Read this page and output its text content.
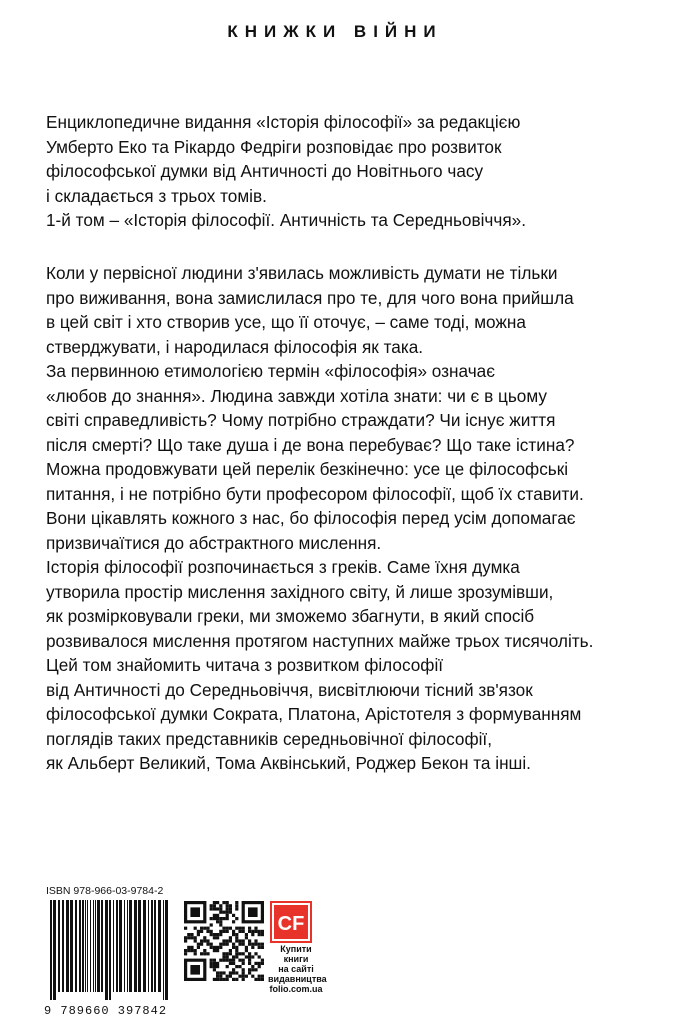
КНИЖКИ ВІЙНИ

Енциклопедичне видання «Історія філософії» за редакцією
Умберто Еко та Рікардо Федріги розповідає про розвиток
філософської думки від Античності до Новітнього часу
і складається з трьох томів.
1-й том – «Історія філософії. Античність та Середньовіччя».

Коли у первісної людини з'явилась можливість думати не тільки
про виживання, вона замислилася про те, для чого вона прийшла
в цей світ і хто створив усе, що її оточує, – саме тоді, можна
стверджувати, і народилася філософія як така.
За первинною етимологією термін «філософія» означає
«любов до знання». Людина завжди хотіла знати: чи є в цьому
світі справедливість? Чому потрібно страждати? Чи існує життя
після смерті? Що таке душа і де вона перебуває? Що таке істина?
Можна продовжувати цей перелік безкінечно: усе це філософські
питання, і не потрібно бути професором філософії, щоб їх ставити.
Вони цікавлять кожного з нас, бо філософія перед усім допомагає
призвичаїтися до абстрактного мислення.
Історія філософії розпочинається з греків. Саме їхня думка
утворила простір мислення західного світу, й лише зрозумівши,
як розмірковували греки, ми зможемо збагнути, в який спосіб
розвивалося мислення протягом наступних майже трьох тисячоліть.
Цей том знайомить читача з розвитком філософії
від Античності до Середньовіччя, висвітлюючи тісний зв'язок
філософської думки Сократа, Платона, Арістотеля з формуванням
поглядів таких представників середньовічної філософії,
як Альберт Великий, Тома Аквінський, Роджер Бекон та інші.

ISBN 978-966-03-9784-2
9 789660 397842
CF
Купити книги
на сайті
видавництва
folio.com.ua
